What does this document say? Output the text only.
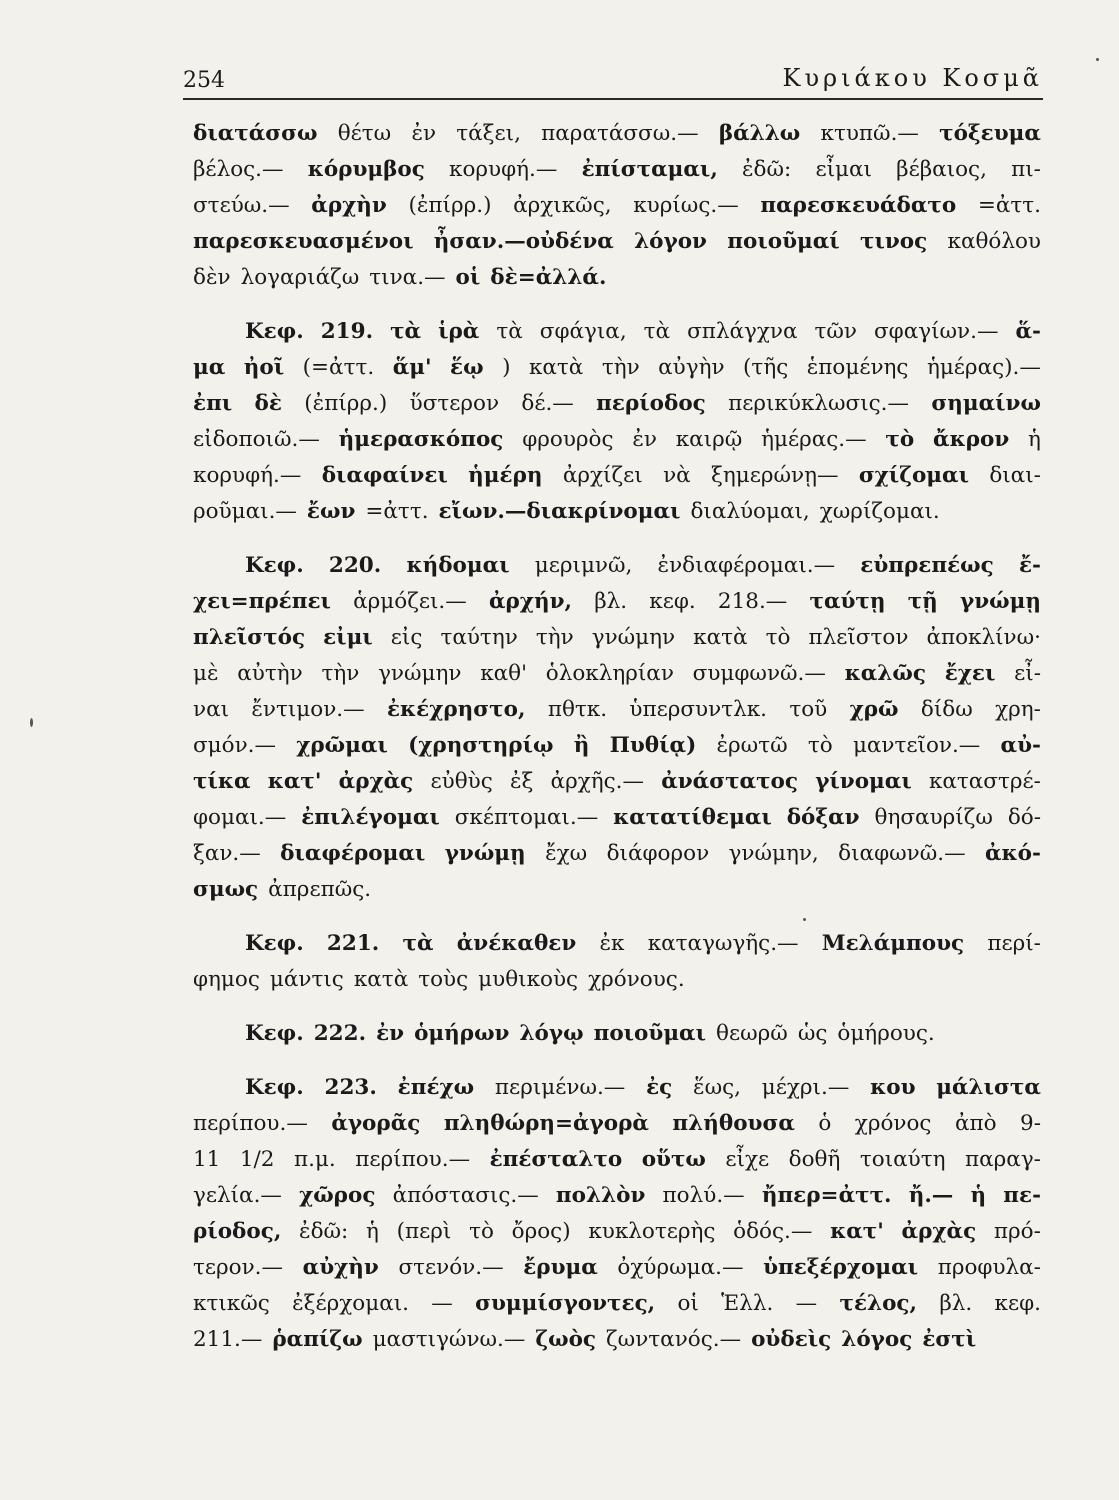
254	Κυριάκου Κοσμᾶ
διατάσσω θέτω ἐν τάξει, παρατάσσω.— βάλλω κτυπῶ.— τόξευμα
βέλος.— κόρυμβος κορυφή.— ἐπίσταμαι, ἐδῶ: εἶμαι βέβαιος, πι-
στεύω.— ἀρχὴν (ἐπίρρ.) ἀρχικῶς, κυρίως.— παρεσκευάδατο =ἀττ.
παρεσκευασμένοι ἦσαν.—οὐδένα λόγον ποιοῦμαί τινος καθόλου
δὲν λογαριάζω τινα.— οἱ δὲ=ἀλλά.
Κεφ. 219. τὰ ἱρὰ τὰ σφάγια, τὰ σπλάγχνα τῶν σφαγίων.— ἅ-
μα ἠοῖ (=ἀττ. ἅμ' ἕῳ ) κατὰ τὴν αὐγὴν (τῆς ἑπομένης ἡμέρας).—
ἐπι δὲ (ἐπίρρ.) ὕστερον δέ.— περίοδος περικύκλωσις.— σημαίνω
εἰδοποιῶ.— ἡμερασκόπος φρουρὸς ἐν καιρῷ ἡμέρας.— τὸ ἄκρον ἡ
κορυφή.— διαφαίνει ἡμέρη ἀρχίζει νὰ ξημερώνῃ— σχίζομαι διαι-
ροῦμαι.— ἔων =ἀττ. εἴων.—διακρίνομαι διαλύομαι, χωρίζομαι.
Κεφ. 220. κήδομαι μεριμνῶ, ἐνδιαφέρομαι.— εὐπρεπέως ἔ-
χει=πρέπει ἁρμόζει.— ἀρχήν, βλ. κεφ. 218.— ταύτῃ τῇ γνώμῃ
πλεῖστός εἰμι εἰς ταύτην τὴν γνώμην κατὰ τὸ πλεῖστον ἀποκλίνω·
μὲ αὐτὴν τὴν γνώμην καθ' ὁλοκληρίαν συμφωνῶ.— καλῶς ἔχει εἶ-
ναι ἔντιμον.— ἐκέχρηστο, πθτκ. ὑπερσυντλκ. τοῦ χρῶ δίδω χρη-
σμόν.— χρῶμαι (χρηστηρίῳ ἢ Πυθίᾳ) ἐρωτῶ τὸ μαντεῖον.— αὐ-
τίκα κατ' ἀρχὰς εὐθὺς ἐξ ἀρχῆς.— ἀνάστατος γίνομαι καταστρέ-
φομαι.— ἐπιλέγομαι σκέπτομαι.— κατατίθεμαι δόξαν θησαυρίζω δό-
ξαν.— διαφέρομαι γνώμῃ ἔχω διάφορον γνώμην, διαφωνῶ.— ἀκό-
σμως ἀπρεπῶς.
Κεφ. 221. τὰ ἀνέκαθεν ἐκ καταγωγῆς.— Μελάμπους περί-
φημος μάντις κατὰ τοὺς μυθικοὺς χρόνους.
Κεφ. 222. ἐν ὁμήρων λόγῳ ποιοῦμαι θεωρῶ ὡς ὁμήρους.
Κεφ. 223. ἐπέχω περιμένω.— ἐς ἕως, μέχρι.— κου μάλιστα
περίπου.— ἀγορᾶς πληθώρη=ἀγορὰ πλήθουσα ὁ χρόνος ἀπὸ 9-
11 1/2 π.μ. περίπου.— ἐπέσταλτο οὕτω εἶχε δοθῆ τοιαύτη παραγ-
γελία.— χῶρος ἀπόστασις.— πολλὸν πολύ.— ἤπερ=ἀττ. ἤ.— ἡ πε-
ρίοδος, ἐδῶ: ἡ (περὶ τὸ ὄρος) κυκλοτερὴς ὁδός.— κατ' ἀρχὰς πρό-
τερον.— αὐχὴν στενόν.— ἔρυμα ὀχύρωμα.— ὑπεξέρχομαι προφυλα-
κτικῶς ἐξέρχομαι. — συμμίσγοντες, οἱ Ἑλλ. — τέλος, βλ. κεφ.
211.— ῥαπίζω μαστιγώνω.— ζωὸς ζωντανός.— οὐδεὶς λόγος ἐστὶ
